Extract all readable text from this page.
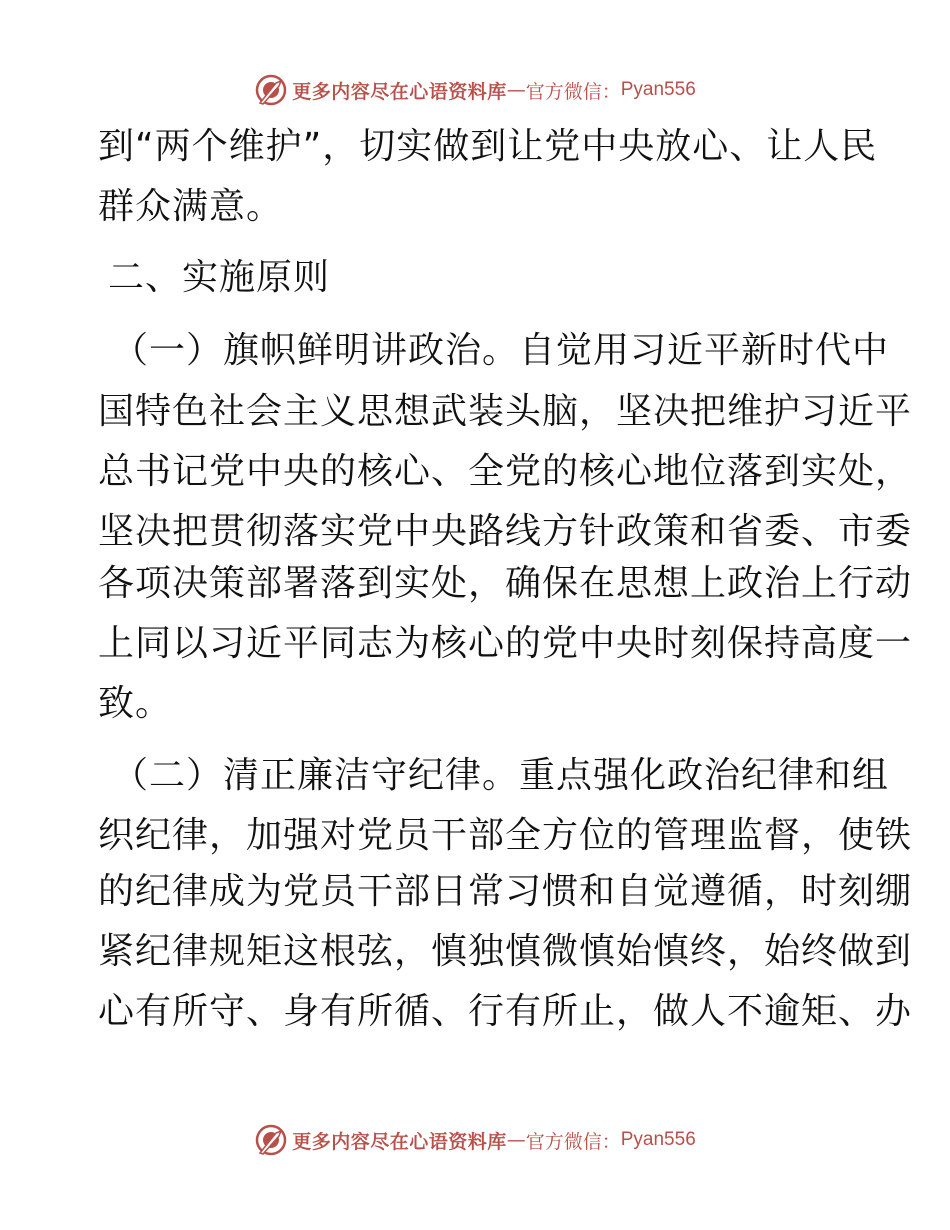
更多内容尽在心语资料库 — 官方微信： Pyan556
到“两个维护”，切实做到让党中央放心、让人民
群众满意。
二、实施原则
（一）旗帜鲜明讲政治。自觉用习近平新时代中
国特色社会主义思想武装头脑，坚决把维护习近平
总书记党中央的核心、全党的核心地位落到实处，
坚决把贯彻落实党中央路线方针政策和省委、市委
各项决策部署落到实处，确保在思想上政治上行动
上同以习近平同志为核心的党中央时刻保持高度一
致。
（二）清正廉洁守纪律。重点强化政治纪律和组
织纪律，加强对党员干部全方位的管理监督，使铁
的纪律成为党员干部日常习惯和自觉遵循，时刻绷
紧纪律规矩这根弦，慎独慎微慎始慎终，始终做到
心有所守、身有所循、行有所止，做人不逾矩、办
更多内容尽在心语资料库 — 官方微信： Pyan556
